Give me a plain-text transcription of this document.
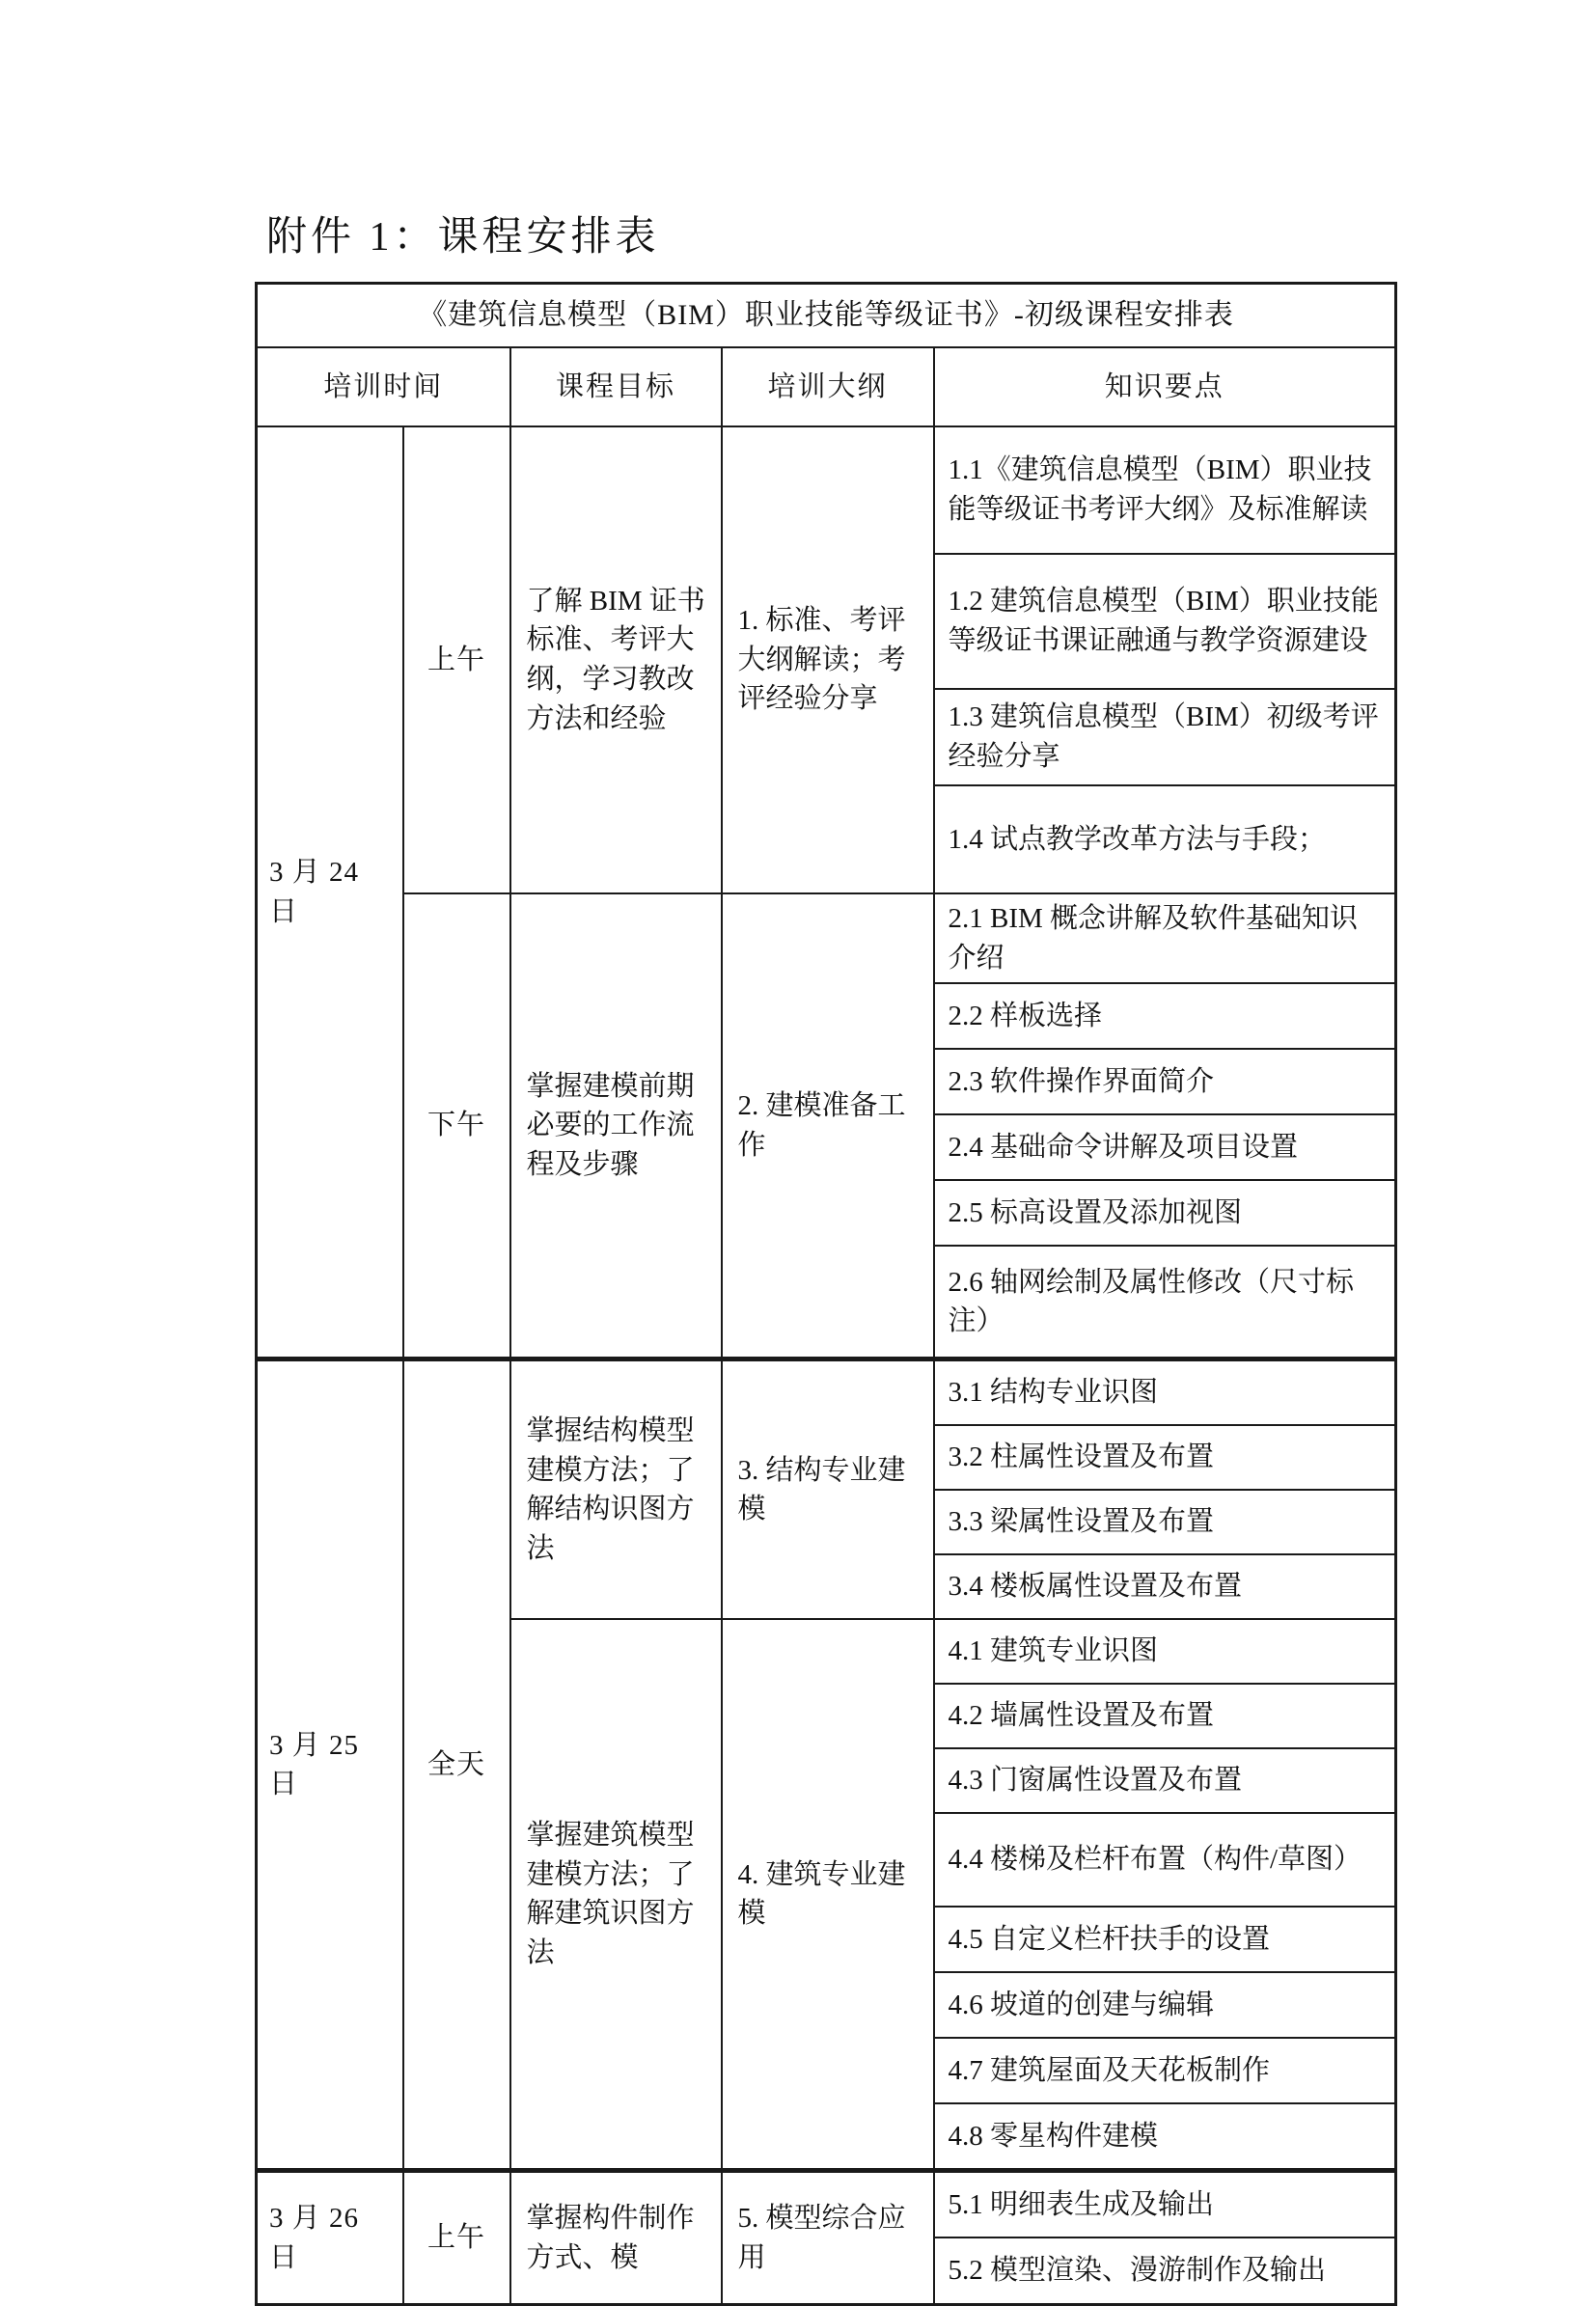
附件 1：课程安排表
《建筑信息模型（BIM）职业技能等级证书》-初级课程安排表				
培训时间		课程目标	培训大纲	知识要点
3 月 24 日	上午	了解 BIM 证书标准、考评大纲，学习教改方法和经验	1. 标准、考评大纲解读；考评经验分享	1.1《建筑信息模型（BIM）职业技能等级证书考评大纲》及标准解读
				1.2 建筑信息模型（BIM）职业技能等级证书课证融通与教学资源建设
				1.3 建筑信息模型（BIM）初级考评经验分享
				1.4 试点教学改革方法与手段；
	下午	掌握建模前期必要的工作流程及步骤	2. 建模准备工作	2.1 BIM 概念讲解及软件基础知识介绍
				2.2 样板选择
				2.3 软件操作界面简介
				2.4 基础命令讲解及项目设置
				2.5 标高设置及添加视图
				2.6 轴网绘制及属性修改（尺寸标注）
3 月 25 日	全天	掌握结构模型建模方法；了解结构识图方法	3. 结构专业建模	3.1 结构专业识图
				3.2 柱属性设置及布置
				3.3 梁属性设置及布置
				3.4 楼板属性设置及布置
		掌握建筑模型建模方法；了解建筑识图方法	4. 建筑专业建模	4.1 建筑专业识图
				4.2 墙属性设置及布置
				4.3 门窗属性设置及布置
				4.4 楼梯及栏杆布置（构件/草图）
				4.5 自定义栏杆扶手的设置
				4.6 坡道的创建与编辑
				4.7 建筑屋面及天花板制作
				4.8 零星构件建模
3 月 26 日	上午	掌握构件制作方式、模	5. 模型综合应用	5.1 明细表生成及输出
				5.2 模型渲染、漫游制作及输出
